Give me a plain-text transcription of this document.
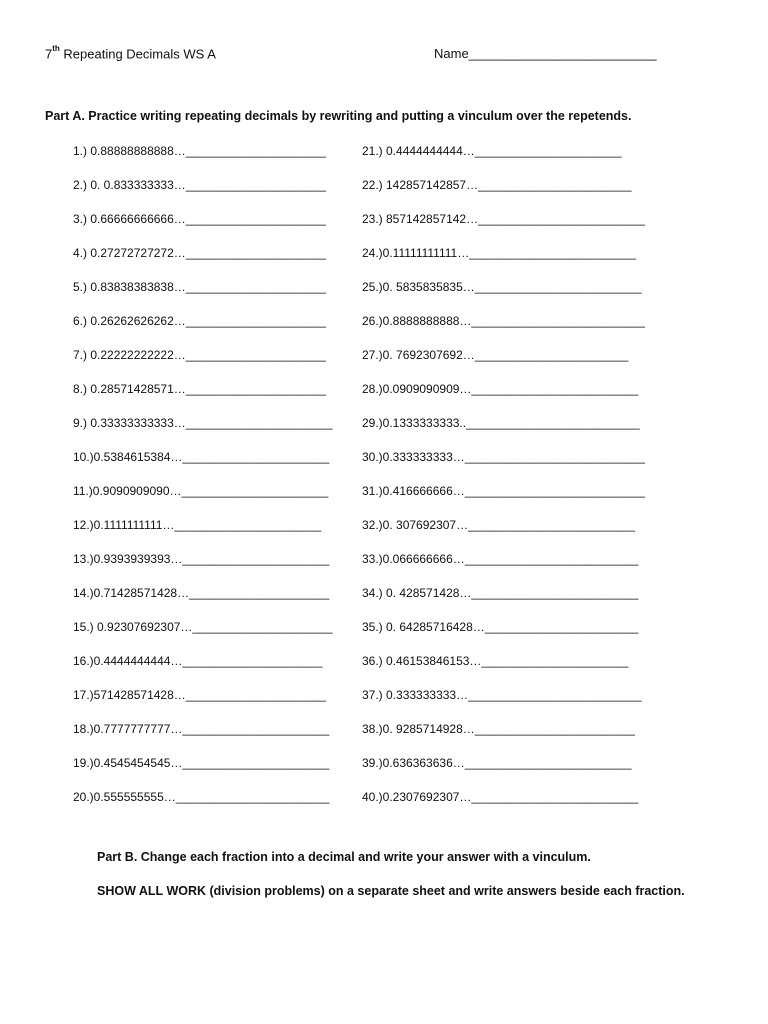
7th Repeating Decimals WS A	Name__________________________
Part A. Practice writing repeating decimals by rewriting and putting a vinculum over the repetends.
1.) 0.88888888888…_____________________
2.) 0. 0.833333333…_____________________
3.) 0.66666666666…_____________________
4.) 0.27272727272…_____________________
5.) 0.83838383838…_____________________
6.) 0.26262626262…_____________________
7.) 0.22222222222…_____________________
8.) 0.28571428571…_____________________
9.) 0.33333333333…______________________
10.)0.5384615384…______________________
11.)0.9090909090…______________________
12.)0.1111111111…______________________
13.)0.9393939393…______________________
14.)0.71428571428…_____________________
15.) 0.92307692307…_____________________
16.)0.4444444444…_____________________
17.)571428571428…_____________________
18.)0.7777777777…______________________
19.)0.4545454545…______________________
20.)0.555555555…_______________________
21.) 0.4444444444…______________________
22.) 142857142857…_______________________
23.) 857142857142…_________________________
24.)0.11111111111…_________________________
25.)0. 5835835835…_________________________
26.)0.8888888888…__________________________
27.)0. 7692307692…_______________________
28.)0.0909090909…_________________________
29.)0.1333333333..__________________________
30.)0.333333333…___________________________
31.)0.416666666…___________________________
32.)0. 307692307…_________________________
33.)0.066666666…__________________________
34.) 0. 428571428…_________________________
35.) 0. 64285716428…_______________________
36.) 0.46153846153…______________________
37.) 0.333333333…__________________________
38.)0. 9285714928…________________________
39.)0.636363636…_________________________
40.)0.2307692307…_________________________
Part B. Change each fraction into a decimal and write your answer with a vinculum.
SHOW ALL WORK (division problems) on a separate sheet and write answers beside each fraction.
